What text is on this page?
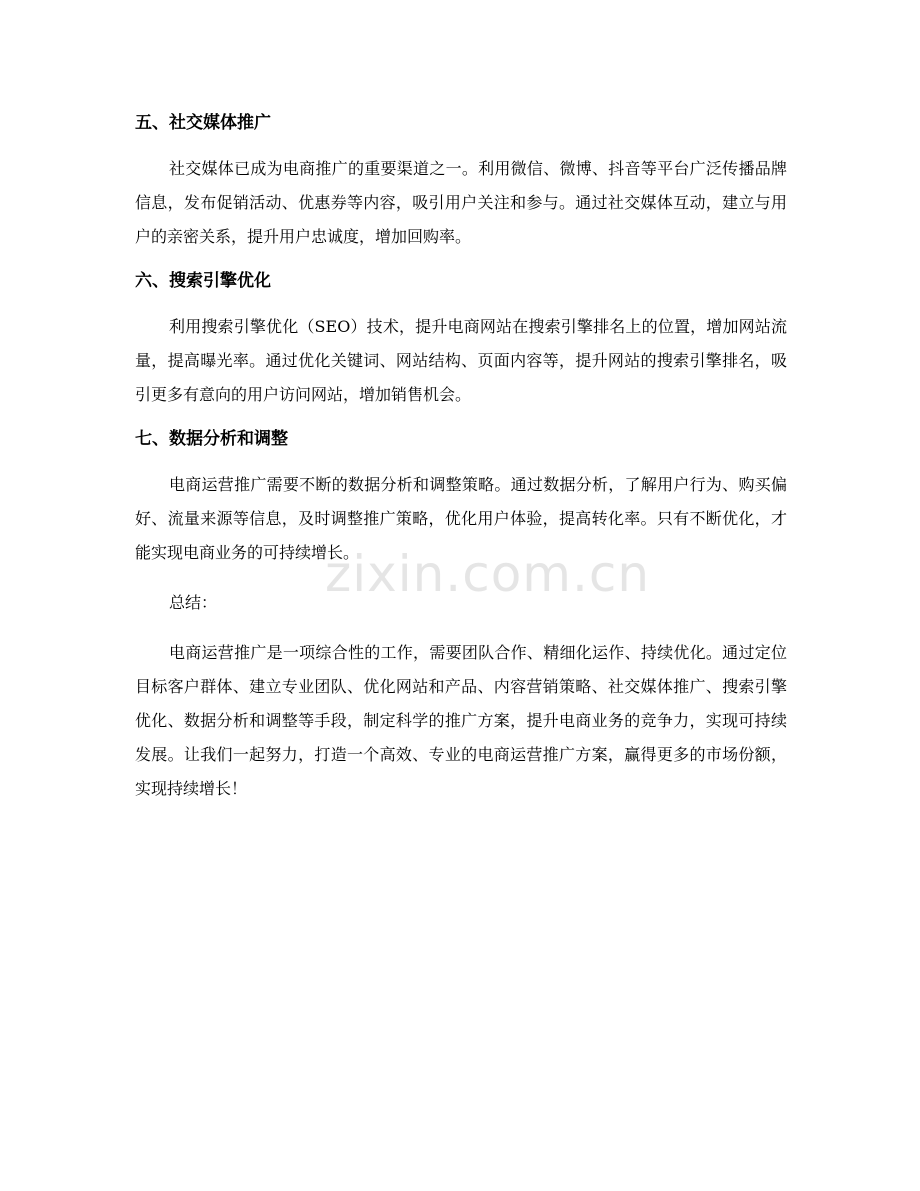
五、社交媒体推广

社交媒体已成为电商推广的重要渠道之一。利用微信、微博、抖音等平台广泛传播品牌信息，发布促销活动、优惠券等内容，吸引用户关注和参与。通过社交媒体互动，建立与用户的亲密关系，提升用户忠诚度，增加回购率。

六、搜索引擎优化

利用搜索引擎优化（SEO）技术，提升电商网站在搜索引擎排名上的位置，增加网站流量，提高曝光率。通过优化关键词、网站结构、页面内容等，提升网站的搜索引擎排名，吸引更多有意向的用户访问网站，增加销售机会。

七、数据分析和调整

电商运营推广需要不断的数据分析和调整策略。通过数据分析，了解用户行为、购买偏好、流量来源等信息，及时调整推广策略，优化用户体验，提高转化率。只有不断优化，才能实现电商业务的可持续增长。

总结：

电商运营推广是一项综合性的工作，需要团队合作、精细化运作、持续优化。通过定位目标客户群体、建立专业团队、优化网站和产品、内容营销策略、社交媒体推广、搜索引擎优化、数据分析和调整等手段，制定科学的推广方案，提升电商业务的竞争力，实现可持续发展。让我们一起努力，打造一个高效、专业的电商运营推广方案，赢得更多的市场份额，实现持续增长！

zixin.com.cn
